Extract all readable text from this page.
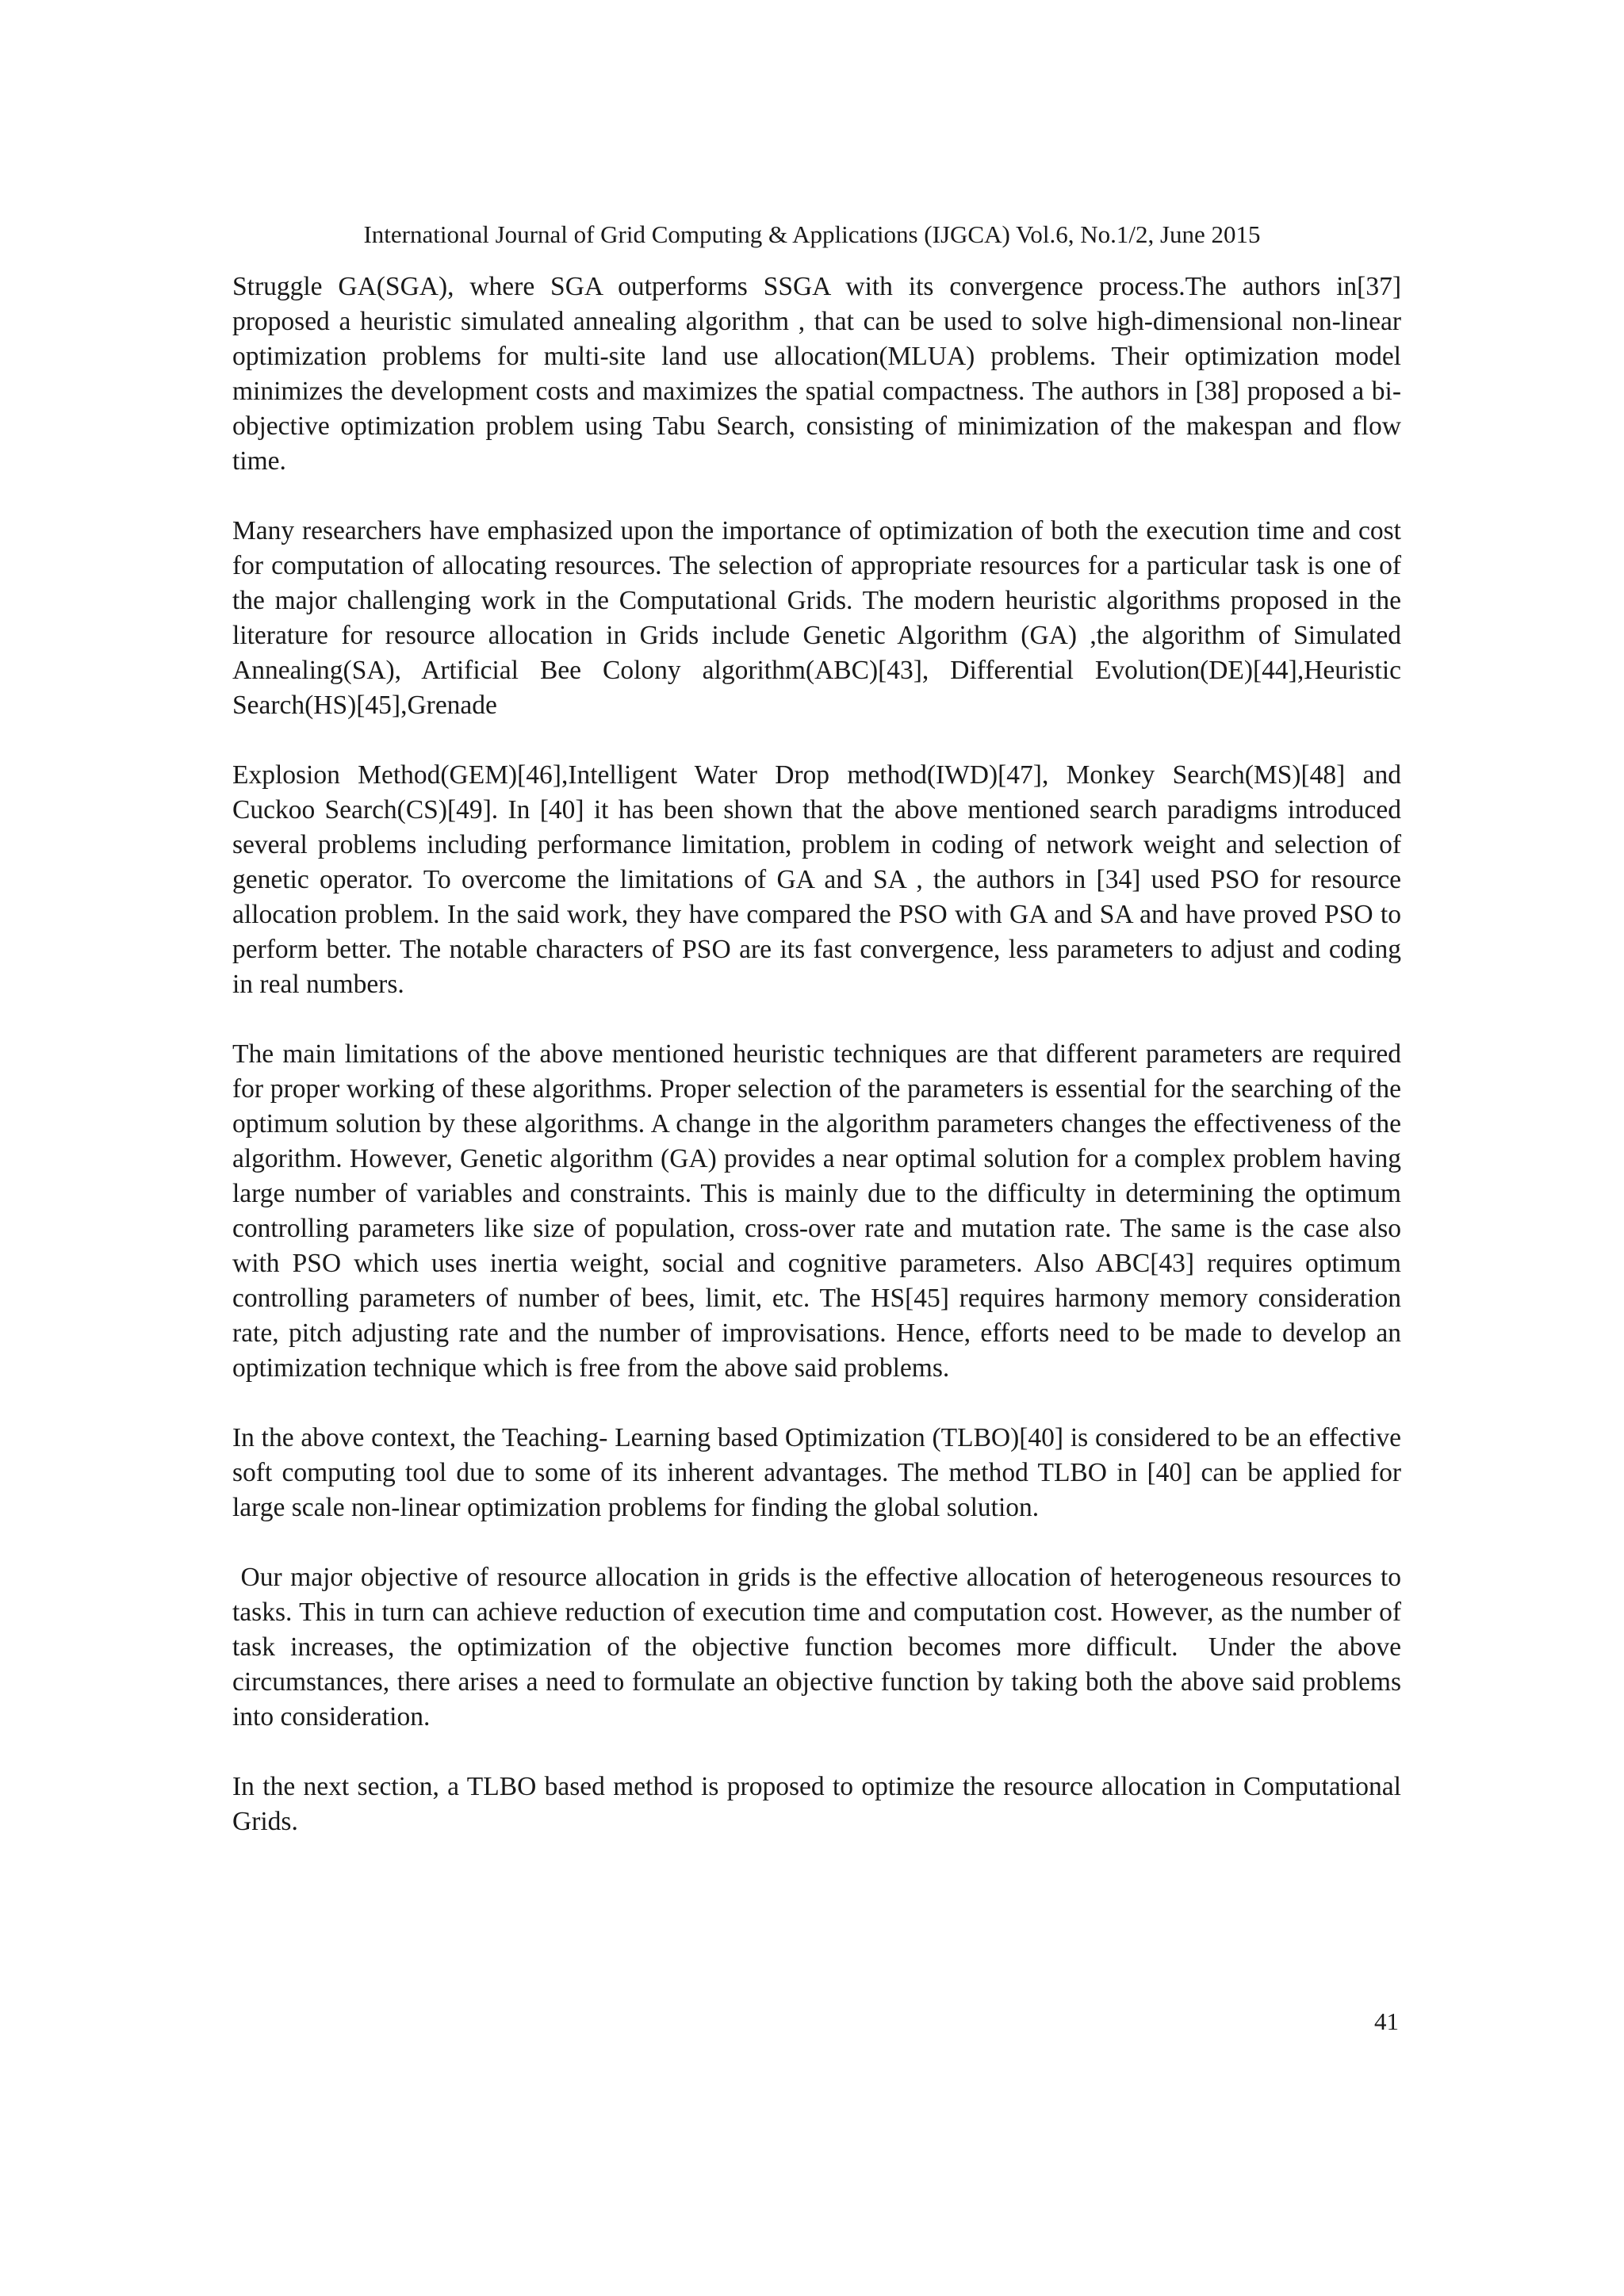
International Journal of Grid Computing & Applications (IJGCA) Vol.6, No.1/2, June 2015

Struggle GA(SGA), where SGA outperforms SSGA with its convergence process.The authors in[37] proposed a heuristic simulated annealing algorithm , that can be used to solve high-dimensional non-linear optimization problems for multi-site land use allocation(MLUA) problems. Their optimization model minimizes the development costs and maximizes the spatial compactness. The authors in [38] proposed a bi-objective optimization problem using Tabu Search, consisting of minimization of the makespan and flow time.

Many researchers have emphasized upon the importance of optimization of both the execution time and cost for computation of allocating resources. The selection of appropriate resources for a particular task is one of the major challenging work in the Computational Grids. The modern heuristic algorithms proposed in the literature for resource allocation in Grids include Genetic Algorithm (GA) ,the algorithm of Simulated Annealing(SA), Artificial Bee Colony algorithm(ABC)[43], Differential Evolution(DE)[44],Heuristic Search(HS)[45],Grenade

Explosion Method(GEM)[46],Intelligent Water Drop method(IWD)[47], Monkey Search(MS)[48] and Cuckoo Search(CS)[49]. In [40] it has been shown that the above mentioned search paradigms introduced several problems including performance limitation, problem in coding of network weight and selection of genetic operator. To overcome the limitations of GA and SA , the authors in [34] used PSO for resource allocation problem. In the said work, they have compared the PSO with GA and SA and have proved PSO to perform better. The notable characters of PSO are its fast convergence, less parameters to adjust and coding in real numbers.

The main limitations of the above mentioned heuristic techniques are that different parameters are required for proper working of these algorithms. Proper selection of the parameters is essential for the searching of the optimum solution by these algorithms. A change in the algorithm parameters changes the effectiveness of the algorithm. However, Genetic algorithm (GA) provides a near optimal solution for a complex problem having large number of variables and constraints. This is mainly due to the difficulty in determining the optimum controlling parameters like size of population, cross-over rate and mutation rate. The same is the case also with PSO which uses inertia weight, social and cognitive parameters. Also ABC[43] requires optimum controlling parameters of number of bees, limit, etc. The HS[45] requires harmony memory consideration rate, pitch adjusting rate and the number of improvisations. Hence, efforts need to be made to develop an optimization technique which is free from the above said problems.

In the above context, the Teaching- Learning based Optimization (TLBO)[40] is considered to be an effective soft computing tool due to some of its inherent advantages. The method TLBO in [40] can be applied for large scale non-linear optimization problems for finding the global solution.

Our major objective of resource allocation in grids is the effective allocation of heterogeneous resources to tasks. This in turn can achieve reduction of execution time and computation cost. However, as the number of task increases, the optimization of the objective function becomes more difficult.  Under the above circumstances, there arises a need to formulate an objective function by taking both the above said problems into consideration.

In the next section, a TLBO based method is proposed to optimize the resource allocation in Computational Grids.

41
